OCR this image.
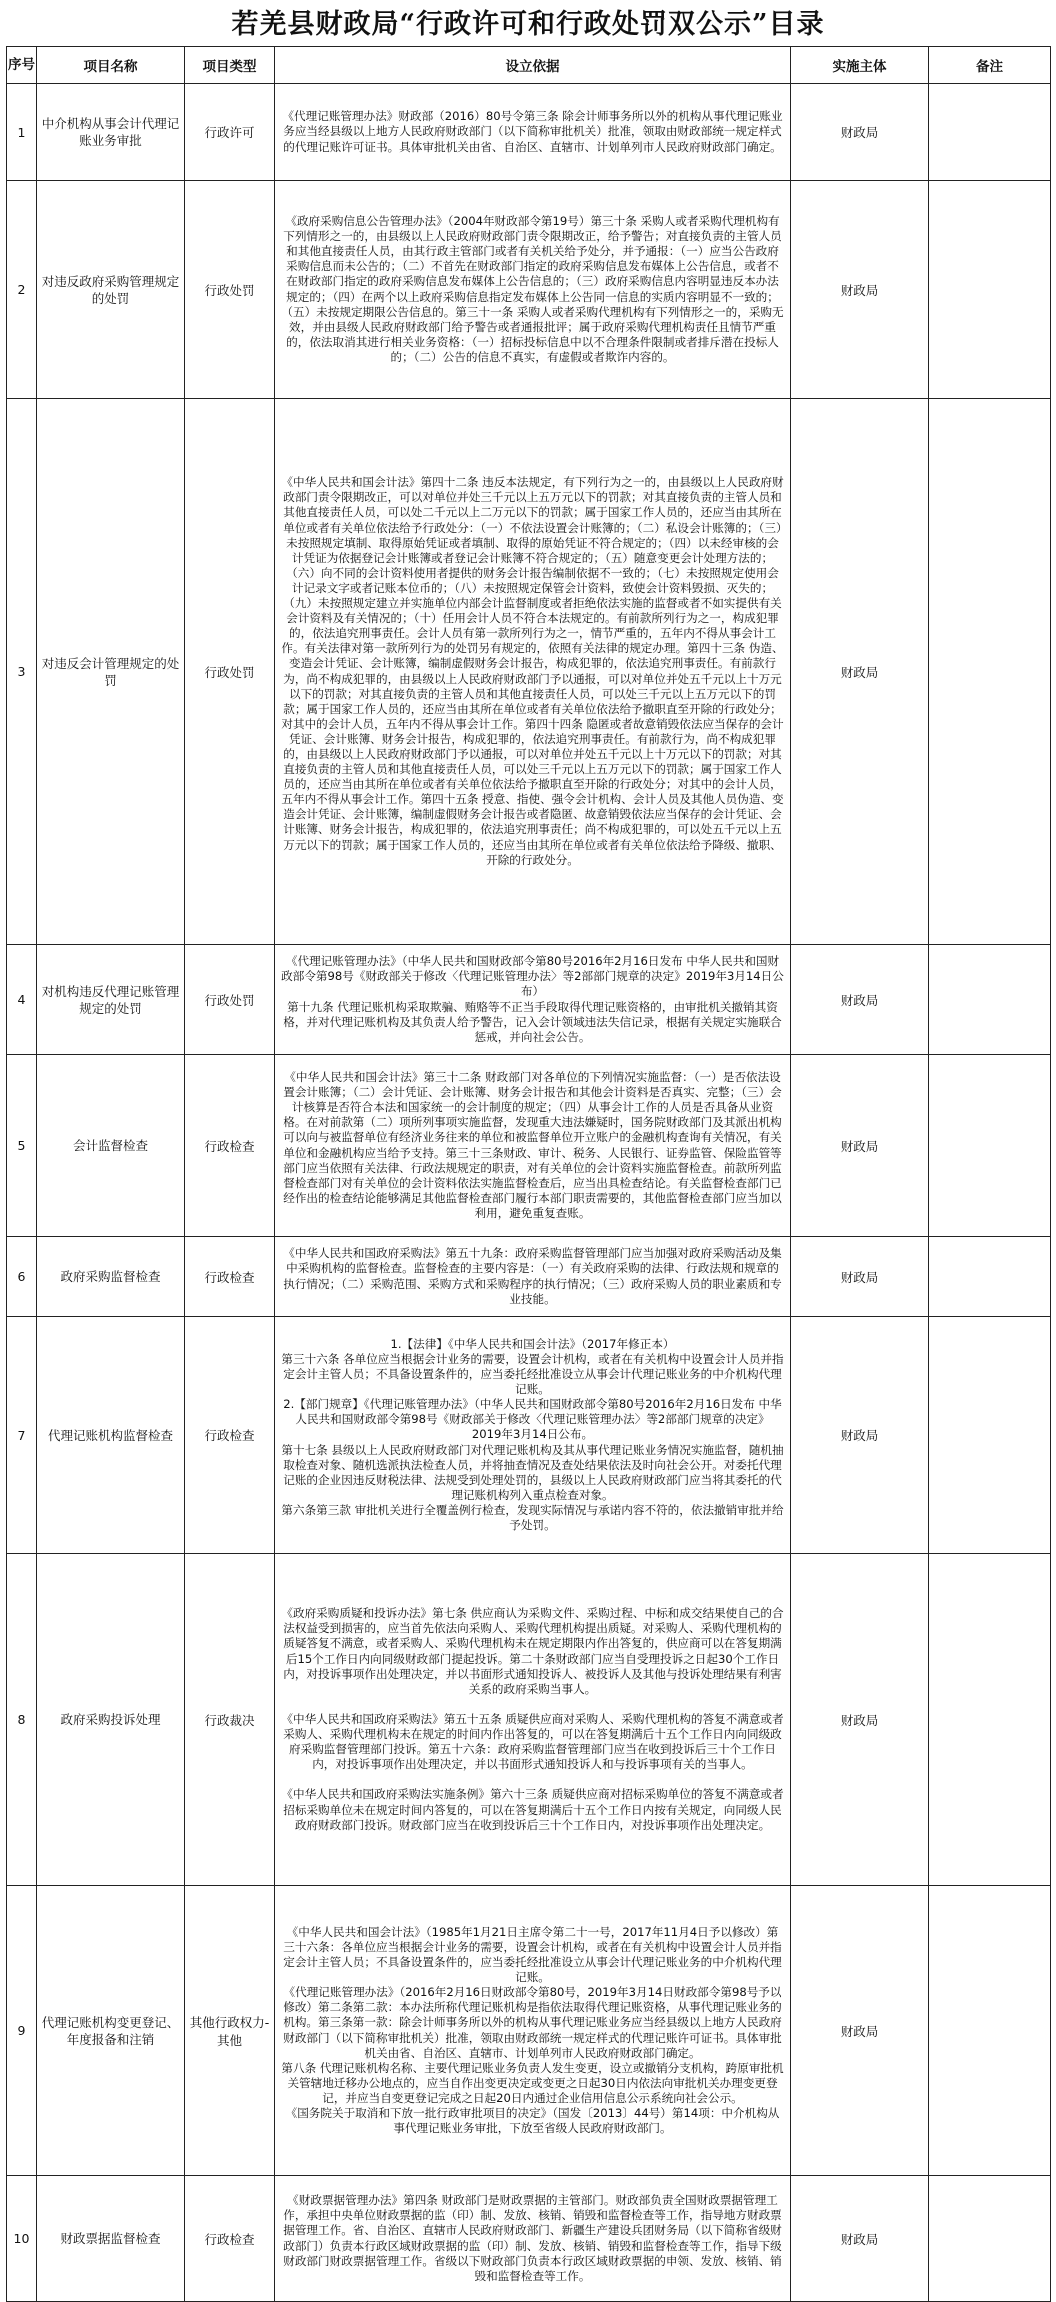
若羌县财政局“行政许可和行政处罚双公示”目录
序号	项目名称	项目类型	设立依据	实施主体	备注
1	中介机构从事会计代理记账业务审批	行政许可	《代理记账管理办法》财政部（2016）80号令第三条 除会计师事务所以外的机构从事代理记账业务应当经县级以上地方人民政府财政部门（以下简称审批机关）批准，领取由财政部统一规定样式的代理记账许可证书。具体审批机关由省、自治区、直辖市、计划单列市人民政府财政部门确定。	财政局	
2	对违反政府采购管理规定的处罚	行政处罚	《政府采购信息公告管理办法》（2004年财政部令第19号）第三十条 采购人或者采购代理机构有下列情形之一的，由县级以上人民政府财政部门责令限期改正，给予警告；对直接负责的主管人员和其他直接责任人员，由其行政主管部门或者有关机关给予处分，并予通报：（一）应当公告政府采购信息而未公告的；（二）不首先在财政部门指定的政府采购信息发布媒体上公告信息，或者不在财政部门指定的政府采购信息发布媒体上公告信息的；（三）政府采购信息内容明显违反本办法规定的；（四）在两个以上政府采购信息指定发布媒体上公告同一信息的实质内容明显不一致的；（五）未按规定期限公告信息的。第三十一条 采购人或者采购代理机构有下列情形之一的，采购无效，并由县级人民政府财政部门给予警告或者通报批评；属于政府采购代理机构责任且情节严重的，依法取消其进行相关业务资格：（一）招标投标信息中以不合理条件限制或者排斥潜在投标人的；（二）公告的信息不真实，有虚假或者欺诈内容的。	财政局	
3	对违反会计管理规定的处罚	行政处罚	《中华人民共和国会计法》第四十二条 违反本法规定，有下列行为之一的，由县级以上人民政府财政部门责令限期改正，可以对单位并处三千元以上五万元以下的罚款；对其直接负责的主管人员和其他直接责任人员，可以处二千元以上二万元以下的罚款；属于国家工作人员的，还应当由其所在单位或者有关单位依法给予行政处分：（一）不依法设置会计账簿的；（二）私设会计账簿的；（三）未按照规定填制、取得原始凭证或者填制、取得的原始凭证不符合规定的；（四）以未经审核的会计凭证为依据登记会计账簿或者登记会计账簿不符合规定的；（五）随意变更会计处理方法的；（六）向不同的会计资料使用者提供的财务会计报告编制依据不一致的；（七）未按照规定使用会计记录文字或者记账本位币的；（八）未按照规定保管会计资料，致使会计资料毁损、灭失的；（九）未按照规定建立并实施单位内部会计监督制度或者拒绝依法实施的监督或者不如实提供有关会计资料及有关情况的；（十）任用会计人员不符合本法规定的。有前款所列行为之一，构成犯罪的，依法追究刑事责任。会计人员有第一款所列行为之一，情节严重的，五年内不得从事会计工作。有关法律对第一款所列行为的处罚另有规定的，依照有关法律的规定办理。第四十三条 伪造、变造会计凭证、会计账簿，编制虚假财务会计报告，构成犯罪的，依法追究刑事责任。有前款行为，尚不构成犯罪的，由县级以上人民政府财政部门予以通报，可以对单位并处五千元以上十万元以下的罚款；对其直接负责的主管人员和其他直接责任人员，可以处三千元以上五万元以下的罚款；属于国家工作人员的，还应当由其所在单位或者有关单位依法给予撤职直至开除的行政处分；对其中的会计人员，五年内不得从事会计工作。第四十四条 隐匿或者故意销毁依法应当保存的会计凭证、会计账簿、财务会计报告，构成犯罪的，依法追究刑事责任。有前款行为，尚不构成犯罪的，由县级以上人民政府财政部门予以通报，可以对单位并处五千元以上十万元以下的罚款；对其直接负责的主管人员和其他直接责任人员，可以处三千元以上五万元以下的罚款；属于国家工作人员的，还应当由其所在单位或者有关单位依法给予撤职直至开除的行政处分；对其中的会计人员，五年内不得从事会计工作。第四十五条 授意、指使、强令会计机构、会计人员及其他人员伪造、变造会计凭证、会计账簿，编制虚假财务会计报告或者隐匿、故意销毁依法应当保存的会计凭证、会计账簿、财务会计报告，构成犯罪的，依法追究刑事责任；尚不构成犯罪的，可以处五千元以上五万元以下的罚款；属于国家工作人员的，还应当由其所在单位或者有关单位依法给予降级、撤职、开除的行政处分。	财政局	
4	对机构违反代理记账管理规定的处罚	行政处罚	《代理记账管理办法》（中华人民共和国财政部令第80号2016年2月16日发布 中华人民共和国财政部令第98号《财政部关于修改〈代理记账管理办法〉等2部部门规章的决定》2019年3月14日公布）
第十九条 代理记账机构采取欺骗、贿赂等不正当手段取得代理记账资格的，由审批机关撤销其资格，并对代理记账机构及其负责人给予警告，记入会计领域违法失信记录，根据有关规定实施联合惩戒，并向社会公告。	财政局	
5	会计监督检查	行政检查	《中华人民共和国会计法》第三十二条 财政部门对各单位的下列情况实施监督：（一）是否依法设置会计账簿；（二）会计凭证、会计账簿、财务会计报告和其他会计资料是否真实、完整；（三）会计核算是否符合本法和国家统一的会计制度的规定；（四）从事会计工作的人员是否具备从业资格。在对前款第（二）项所列事项实施监督，发现重大违法嫌疑时，国务院财政部门及其派出机构可以向与被监督单位有经济业务往来的单位和被监督单位开立账户的金融机构查询有关情况，有关单位和金融机构应当给予支持。第三十三条财政、审计、税务、人民银行、证券监管、保险监管等部门应当依照有关法律、行政法规规定的职责，对有关单位的会计资料实施监督检查。前款所列监督检查部门对有关单位的会计资料依法实施监督检查后，应当出具检查结论。有关监督检查部门已经作出的检查结论能够满足其他监督检查部门履行本部门职责需要的，其他监督检查部门应当加以利用，避免重复查账。	财政局	
6	政府采购监督检查	行政检查	《中华人民共和国政府采购法》第五十九条：政府采购监督管理部门应当加强对政府采购活动及集中采购机构的监督检查。监督检查的主要内容是：（一）有关政府采购的法律、行政法规和规章的执行情况；（二）采购范围、采购方式和采购程序的执行情况；（三）政府采购人员的职业素质和专业技能。	财政局	
7	代理记账机构监督检查	行政检查	1.【法律】《中华人民共和国会计法》（2017年修正本）
第三十六条 各单位应当根据会计业务的需要，设置会计机构，或者在有关机构中设置会计人员并指定会计主管人员；不具备设置条件的，应当委托经批准设立从事会计代理记账业务的中介机构代理记账。
2.【部门规章】《代理记账管理办法》（中华人民共和国财政部令第80号2016年2月16日发布 中华人民共和国财政部令第98号《财政部关于修改〈代理记账管理办法〉等2部部门规章的决定》2019年3月14日公布。
第十七条 县级以上人民政府财政部门对代理记账机构及其从事代理记账业务情况实施监督，随机抽取检查对象、随机选派执法检查人员，并将抽查情况及查处结果依法及时向社会公开。对委托代理记账的企业因违反财税法律、法规受到处理处罚的，县级以上人民政府财政部门应当将其委托的代理记账机构列入重点检查对象。
第六条第三款 审批机关进行全覆盖例行检查，发现实际情况与承诺内容不符的，依法撤销审批并给予处罚。	财政局	
8	政府采购投诉处理	行政裁决	《政府采购质疑和投诉办法》第七条 供应商认为采购文件、采购过程、中标和成交结果使自己的合法权益受到损害的，应当首先依法向采购人、采购代理机构提出质疑。对采购人、采购代理机构的质疑答复不满意，或者采购人、采购代理机构未在规定期限内作出答复的，供应商可以在答复期满后15个工作日内向同级财政部门提起投诉。第二十条财政部门应当自受理投诉之日起30个工作日内，对投诉事项作出处理决定，并以书面形式通知投诉人、被投诉人及其他与投诉处理结果有利害关系的政府采购当事人。

《中华人民共和国政府采购法》第五十五条 质疑供应商对采购人、采购代理机构的答复不满意或者采购人、采购代理机构未在规定的时间内作出答复的，可以在答复期满后十五个工作日内向同级政府采购监督管理部门投诉。第五十六条：政府采购监督管理部门应当在收到投诉后三十个工作日内，对投诉事项作出处理决定，并以书面形式通知投诉人和与投诉事项有关的当事人。

《中华人民共和国政府采购法实施条例》第六十三条 质疑供应商对招标采购单位的答复不满意或者招标采购单位未在规定时间内答复的，可以在答复期满后十五个工作日内按有关规定，向同级人民政府财政部门投诉。财政部门应当在收到投诉后三十个工作日内，对投诉事项作出处理决定。	财政局	
9	代理记账机构变更登记、年度报备和注销	其他行政权力-其他	《中华人民共和国会计法》（1985年1月21日主席令第二十一号，2017年11月4日予以修改）第三十六条：各单位应当根据会计业务的需要，设置会计机构，或者在有关机构中设置会计人员并指定会计主管人员；不具备设置条件的，应当委托经批准设立从事会计代理记账业务的中介机构代理记账。
《代理记账管理办法》（2016年2月16日财政部令第80号，2019年3月14日财政部令第98号予以修改）第二条第二款：本办法所称代理记账机构是指依法取得代理记账资格，从事代理记账业务的机构。第三条第一款：除会计师事务所以外的机构从事代理记账业务应当经县级以上地方人民政府财政部门（以下简称审批机关）批准，领取由财政部统一规定样式的代理记账许可证书。具体审批机关由省、自治区、直辖市、计划单列市人民政府财政部门确定。
第八条 代理记账机构名称、主要代理记账业务负责人发生变更，设立或撤销分支机构，跨原审批机关管辖地迁移办公地点的，应当自作出变更决定或变更之日起30日内依法向审批机关办理变更登记，并应当自变更登记完成之日起20日内通过企业信用信息公示系统向社会公示。
《国务院关于取消和下放一批行政审批项目的决定》（国发〔2013〕44号）第14项：中介机构从事代理记账业务审批，下放至省级人民政府财政部门。	财政局	
10	财政票据监督检查	行政检查	《财政票据管理办法》第四条 财政部门是财政票据的主管部门。财政部负责全国财政票据管理工作，承担中央单位财政票据的监（印）制、发放、核销、销毁和监督检查等工作，指导地方财政票据管理工作。省、自治区、直辖市人民政府财政部门、新疆生产建设兵团财务局（以下简称省级财政部门）负责本行政区域财政票据的监（印）制、发放、核销、销毁和监督检查等工作，指导下级财政部门财政票据管理工作。省级以下财政部门负责本行政区域财政票据的申领、发放、核销、销毁和监督检查等工作。	财政局	
